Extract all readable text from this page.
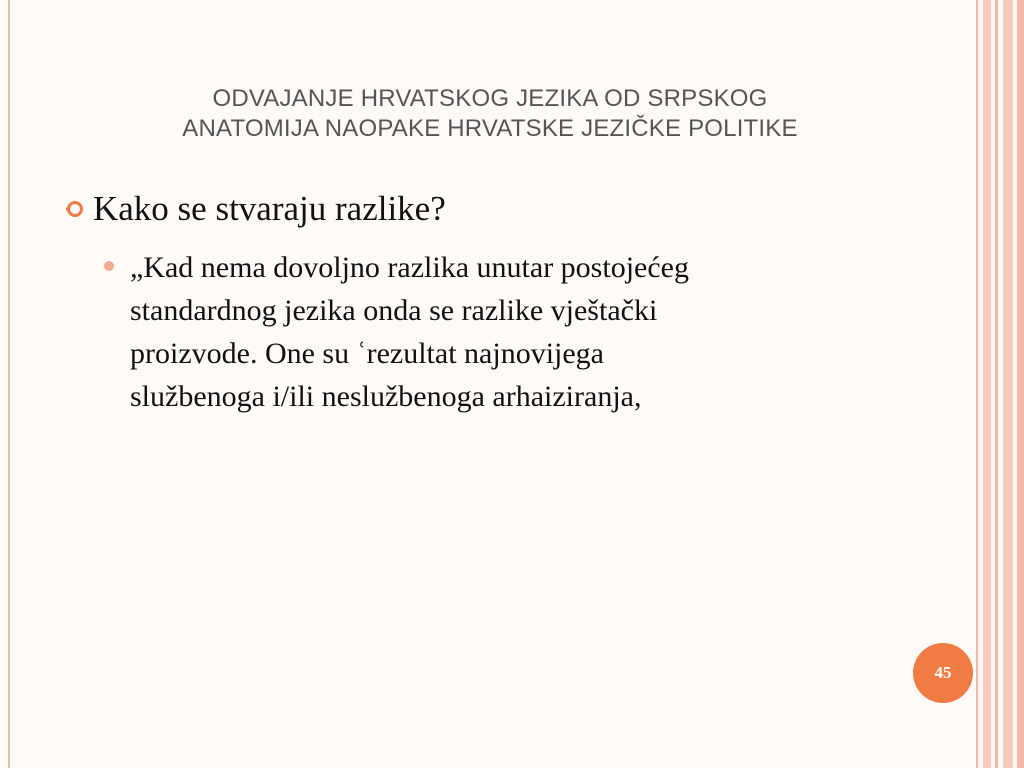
ODVAJANJE HRVATSKOG JEZIKA OD SRPSKOG
ANATOMIJA NAOPAKE HRVATSKE JEZIČKE POLITIKE
Kako se stvaraju razlike?
„Kad nema dovoljno razlika unutar postojećeg
standardnog jezika onda se razlike vještački
proizvode. One su ʿrezultat najnovijega
službenoga i/ili neslužbenoga arhaiziranja,
45
